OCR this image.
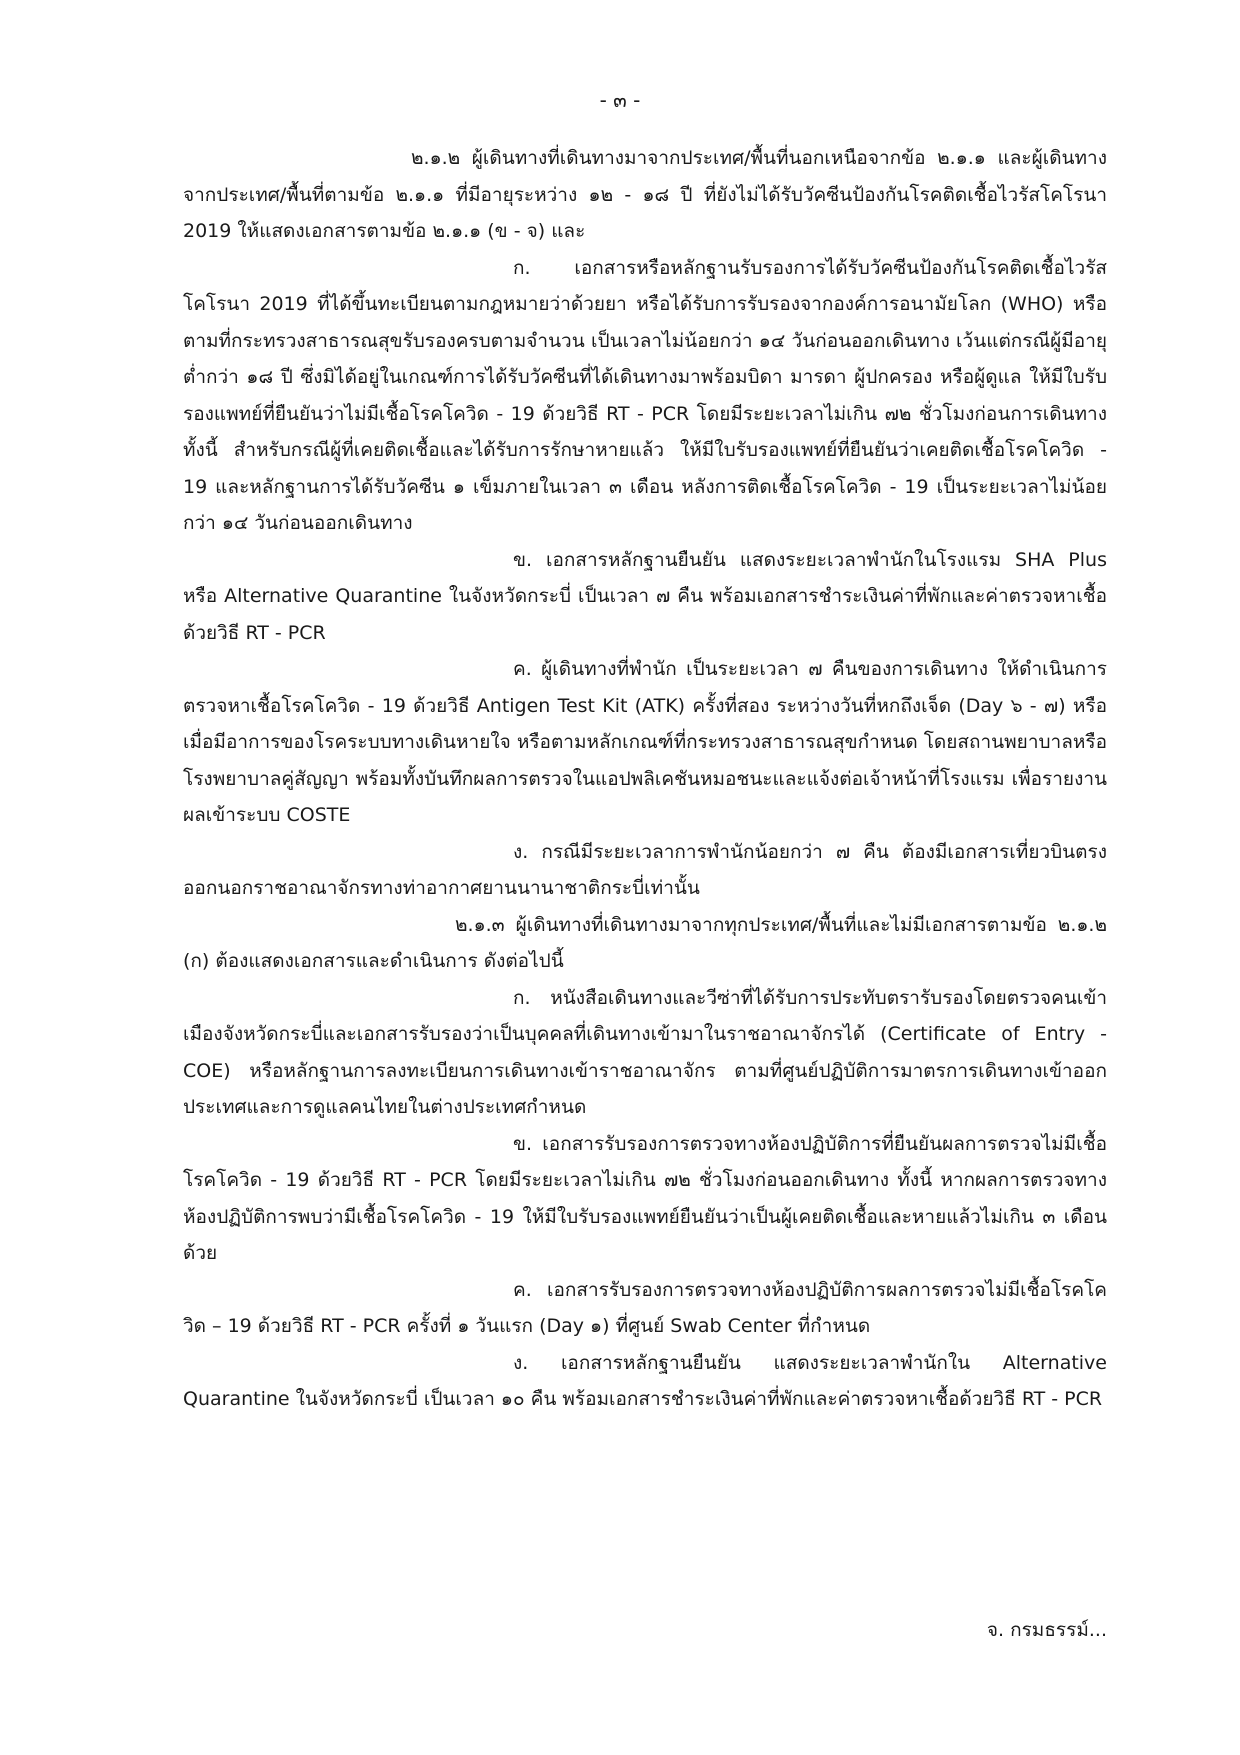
- ๓ -

๒.๑.๒ ผู้เดินทางที่เดินทางมาจากประเทศ/พื้นที่นอกเหนือจากข้อ ๒.๑.๑ และผู้เดินทางจากประเทศ/พื้นที่ตามข้อ ๒.๑.๑ ที่มีอายุระหว่าง ๑๒ - ๑๘ ปี ที่ยังไม่ได้รับวัคซีนป้องกันโรคติดเชื้อไวรัสโคโรนา 2019 ให้แสดงเอกสารตามข้อ ๒.๑.๑ (ข - จ) และ

ก. เอกสารหรือหลักฐานรับรองการได้รับวัคซีนป้องกันโรคติดเชื้อไวรัสโคโรนา 2019 ที่ได้ขึ้นทะเบียนตามกฎหมายว่าด้วยยา หรือได้รับการรับรองจากองค์การอนามัยโลก (WHO) หรือตามที่กระทรวงสาธารณสุขรับรองครบตามจำนวน เป็นเวลาไม่น้อยกว่า ๑๔ วันก่อนออกเดินทาง เว้นแต่กรณีผู้มีอายุต่ำกว่า ๑๘ ปี ซึ่งมิได้อยู่ในเกณฑ์การได้รับวัคซีนที่ได้เดินทางมาพร้อมบิดา มารดา ผู้ปกครอง หรือผู้ดูแล ให้มีใบรับรองแพทย์ที่ยืนยันว่าไม่มีเชื้อโรคโควิด - 19 ด้วยวิธี RT - PCR โดยมีระยะเวลาไม่เกิน ๗๒ ชั่วโมงก่อนการเดินทาง ทั้งนี้ สำหรับกรณีผู้ที่เคยติดเชื้อและได้รับการรักษาหายแล้ว ให้มีใบรับรองแพทย์ที่ยืนยันว่าเคยติดเชื้อโรคโควิด - 19 และหลักฐานการได้รับวัคซีน ๑ เข็มภายในเวลา ๓ เดือน หลังการติดเชื้อโรคโควิด - 19 เป็นระยะเวลาไม่น้อยกว่า ๑๔ วันก่อนออกเดินทาง

ข. เอกสารหลักฐานยืนยัน แสดงระยะเวลาพำนักในโรงแรม SHA Plus หรือ Alternative Quarantine ในจังหวัดกระบี่ เป็นเวลา ๗ คืน พร้อมเอกสารชำระเงินค่าที่พักและค่าตรวจหาเชื้อด้วยวิธี RT - PCR

ค. ผู้เดินทางที่พำนัก เป็นระยะเวลา ๗ คืนของการเดินทาง ให้ดำเนินการตรวจหาเชื้อโรคโควิด - 19 ด้วยวิธี Antigen Test Kit (ATK) ครั้งที่สอง ระหว่างวันที่หกถึงเจ็ด (Day ๖ - ๗) หรือเมื่อมีอาการของโรคระบบทางเดินหายใจ หรือตามหลักเกณฑ์ที่กระทรวงสาธารณสุขกำหนด โดยสถานพยาบาลหรือโรงพยาบาลคู่สัญญา พร้อมทั้งบันทึกผลการตรวจในแอปพลิเคชันหมอชนะและแจ้งต่อเจ้าหน้าที่โรงแรม เพื่อรายงานผลเข้าระบบ COSTE

ง. กรณีมีระยะเวลาการพำนักน้อยกว่า ๗ คืน ต้องมีเอกสารเที่ยวบินตรงออกนอกราชอาณาจักรทางท่าอากาศยานนานาชาติกระบี่เท่านั้น

๒.๑.๓ ผู้เดินทางที่เดินทางมาจากทุกประเทศ/พื้นที่และไม่มีเอกสารตามข้อ ๒.๑.๒ (ก) ต้องแสดงเอกสารและดำเนินการ ดังต่อไปนี้

ก. หนังสือเดินทางและวีซ่าที่ได้รับการประทับตรารับรองโดยตรวจคนเข้าเมืองจังหวัดกระบี่และเอกสารรับรองว่าเป็นบุคคลที่เดินทางเข้ามาในราชอาณาจักรได้ (Certificate of Entry - COE) หรือหลักฐานการลงทะเบียนการเดินทางเข้าราชอาณาจักร ตามที่ศูนย์ปฏิบัติการมาตรการเดินทางเข้าออกประเทศและการดูแลคนไทยในต่างประเทศกำหนด

ข. เอกสารรับรองการตรวจทางห้องปฏิบัติการที่ยืนยันผลการตรวจไม่มีเชื้อโรคโควิด - 19 ด้วยวิธี RT - PCR โดยมีระยะเวลาไม่เกิน ๗๒ ชั่วโมงก่อนออกเดินทาง ทั้งนี้ หากผลการตรวจทางห้องปฏิบัติการพบว่ามีเชื้อโรคโควิด - 19 ให้มีใบรับรองแพทย์ยืนยันว่าเป็นผู้เคยติดเชื้อและหายแล้วไม่เกิน ๓ เดือนด้วย

ค. เอกสารรับรองการตรวจทางห้องปฏิบัติการผลการตรวจไม่มีเชื้อโรคโควิด – 19 ด้วยวิธี RT - PCR ครั้งที่ ๑ วันแรก (Day ๑) ที่ศูนย์ Swab Center ที่กำหนด

ง. เอกสารหลักฐานยืนยัน แสดงระยะเวลาพำนักใน Alternative Quarantine ในจังหวัดกระบี่ เป็นเวลา ๑๐ คืน พร้อมเอกสารชำระเงินค่าที่พักและค่าตรวจหาเชื้อด้วยวิธี RT - PCR

จ. กรมธรรม์...
